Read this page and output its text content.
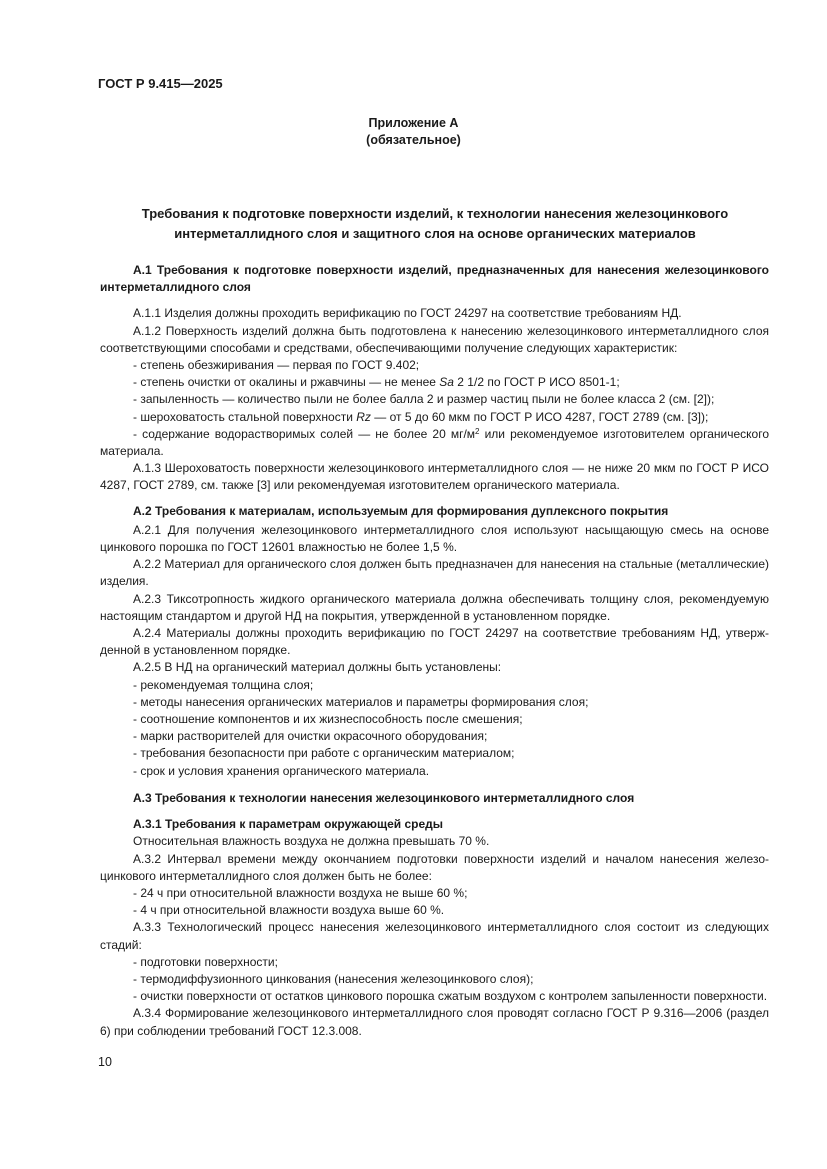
ГОСТ Р 9.415—2025
Приложение А
(обязательное)
Требования к подготовке поверхности изделий, к технологии нанесения железоцинкового интерметаллидного слоя и защитного слоя на основе органических материалов

А.1 Требования к подготовке поверхности изделий, предназначенных для нанесения железоцинкового интерметаллидного слоя

А.1.1 Изделия должны проходить верификацию по ГОСТ 24297 на соответствие требованиям НД.

А.1.2 Поверхность изделий должна быть подготовлена к нанесению железоцинкового интерметаллидного слоя соответствующими способами и средствами, обеспечивающими получение следующих характеристик:

- степень обезжиривания — первая по ГОСТ 9.402;

- степень очистки от окалины и ржавчины — не менее Sa 2 1/2 по ГОСТ Р ИСО 8501-1;

- запыленность — количество пыли не более балла 2 и размер частиц пыли не более класса 2 (см. [2]);

- шероховатость стальной поверхности Rz — от 5 до 60 мкм по ГОСТ Р ИСО 4287, ГОСТ 2789 (см. [3]);

- содержание водорастворимых солей — не более 20 $мг/м^2$ или рекомендуемое изготовителем органического материала.

А.1.3 Шероховатость поверхности железоцинкового интерметаллидного слоя — не ниже 20 мкм по ГОСТ Р ИСО 4287, ГОСТ 2789, см. также [3] или рекомендуемая изготовителем органического материала.

А.2 Требования к материалам, используемым для формирования дуплексного покрытия

А.2.1 Для получения железоцинкового интерметаллидного слоя используют насыщающую смесь на основе цинкового порошка по ГОСТ 12601 влажностью не более 1,5 %.

А.2.2 Материал для органического слоя должен быть предназначен для нанесения на стальные (металлические) изделия.

А.2.3 Тиксотропность жидкого органического материала должна обеспечивать толщину слоя, рекомендуемую настоящим стандартом и другой НД на покрытия, утвержденной в установленном порядке.

А.2.4 Материалы должны проходить верификацию по ГОСТ 24297 на соответствие требованиям НД, утвержденной в установленном порядке.

А.2.5 В НД на органический материал должны быть установлены:

- рекомендуемая толщина слоя;

- методы нанесения органических материалов и параметры формирования слоя;

- соотношение компонентов и их жизнеспособность после смешения;

- марки растворителей для очистки окрасочного оборудования;

- требования безопасности при работе с органическим материалом;

- срок и условия хранения органического материала.

А.3 Требования к технологии нанесения железоцинкового интерметаллидного слоя

А.3.1 Требования к параметрам окружающей среды

Относительная влажность воздуха не должна превышать 70 %.

А.3.2 Интервал времени между окончанием подготовки поверхности изделий и началом нанесения железоцинкового интерметаллидного слоя должен быть не более:

- 24 ч при относительной влажности воздуха не выше 60 %;

- 4 ч при относительной влажности воздуха выше 60 %.

А.3.3 Технологический процесс нанесения железоцинкового интерметаллидного слоя состоит из следующих стадий:

- подготовки поверхности;

- термодиффузионного цинкования (нанесения железоцинкового слоя);

- очистки поверхности от остатков цинкового порошка сжатым воздухом с контролем запыленности поверхности.

А.3.4 Формирование железоцинкового интерметаллидного слоя проводят согласно ГОСТ Р 9.316—2006 (раздел 6) при соблюдении требований ГОСТ 12.3.008.

10
